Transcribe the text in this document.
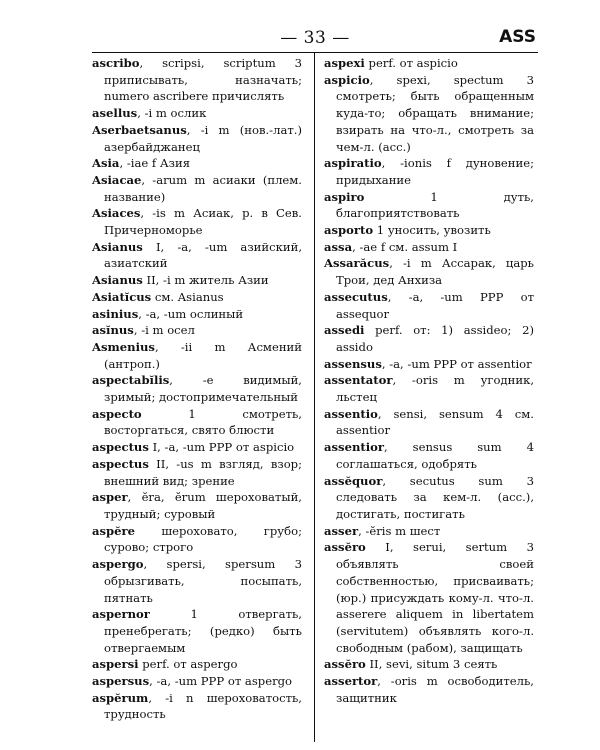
— 33 —	ASS
ascribo, scripsi, scriptum 3 приписывать, назначать; numero ascribere причислять
asellus, -i m ослик
Aserbaetsanus, -i m (нов.-лат.) азербайджанец
Asia, -iae f Азия
Asiacae, -arum m асиаки (плем. название)
Asiaces, -is m Асиак, р. в Сев. Причерноморье
Asianus I, -a, -um азийский, азиатский
Asianus II, -i m житель Азии
Asiatĭcus см. Asianus
asinius, -a, -um ослиный
asĭnus, -i m осел
Asmenius, -ii m Асмений (антроп.)
aspectabĭlis, -e видимый, зримый; достопримечательный
aspecto 1 смотреть, восторгаться, свято блюсти
aspectus I, -a, -um PPP от aspicio
aspectus II, -us m взгляд, взор; внешний вид; зрение
asper, ĕra, ĕrum шероховатый, трудный; суровый
aspĕre шероховато, грубо; сурово; строго
aspergo, spersi, spersum 3 обрызгивать, посыпать, пятнать
aspernor 1 отвергать, пренебрегать; (редко) быть отвергаемым
aspersi perf. от aspergo
aspersus, -a, -um PPP от aspergo
aspĕrum, -i n шероховатость, трудность
aspexi perf. от aspicio
aspicio, spexi, spectum 3 смотреть; быть обращенным куда-то; обращать внимание; взирать на что-л., смотреть за чем-л. (асс.)
aspiratio, -ionis f дуновение; придыхание
aspiro 1 дуть, благоприятствовать
asporto 1 уносить, увозить
assa, -ae f см. assum I
Assarăcus, -i m Ассарак, царь Трои, дед Анхиза
assecutus, -a, -um PPP от assequor
assedi perf. от: 1) assideo; 2) assido
assensus, -a, -um PPP от assentior
assentator, -oris m угодник, льстец
assentio, sensi, sensum 4 см. assentior
assentior, sensus sum 4 соглашаться, одобрять
assĕquor, secutus sum 3 следовать за кем-л. (асс.), достигать, постигать
asser, -ĕris m шест
assĕro I, serui, sertum 3 объявлять своей собственностью, присваивать; (юр.) присуждать кому-л. что-л. asserere aliquem in libertatem (servitutem) объявлять кого-л. свободным (рабом), защищать
assĕro II, sevi, situm 3 сеять
assertor, -oris m освободитель, защитник
